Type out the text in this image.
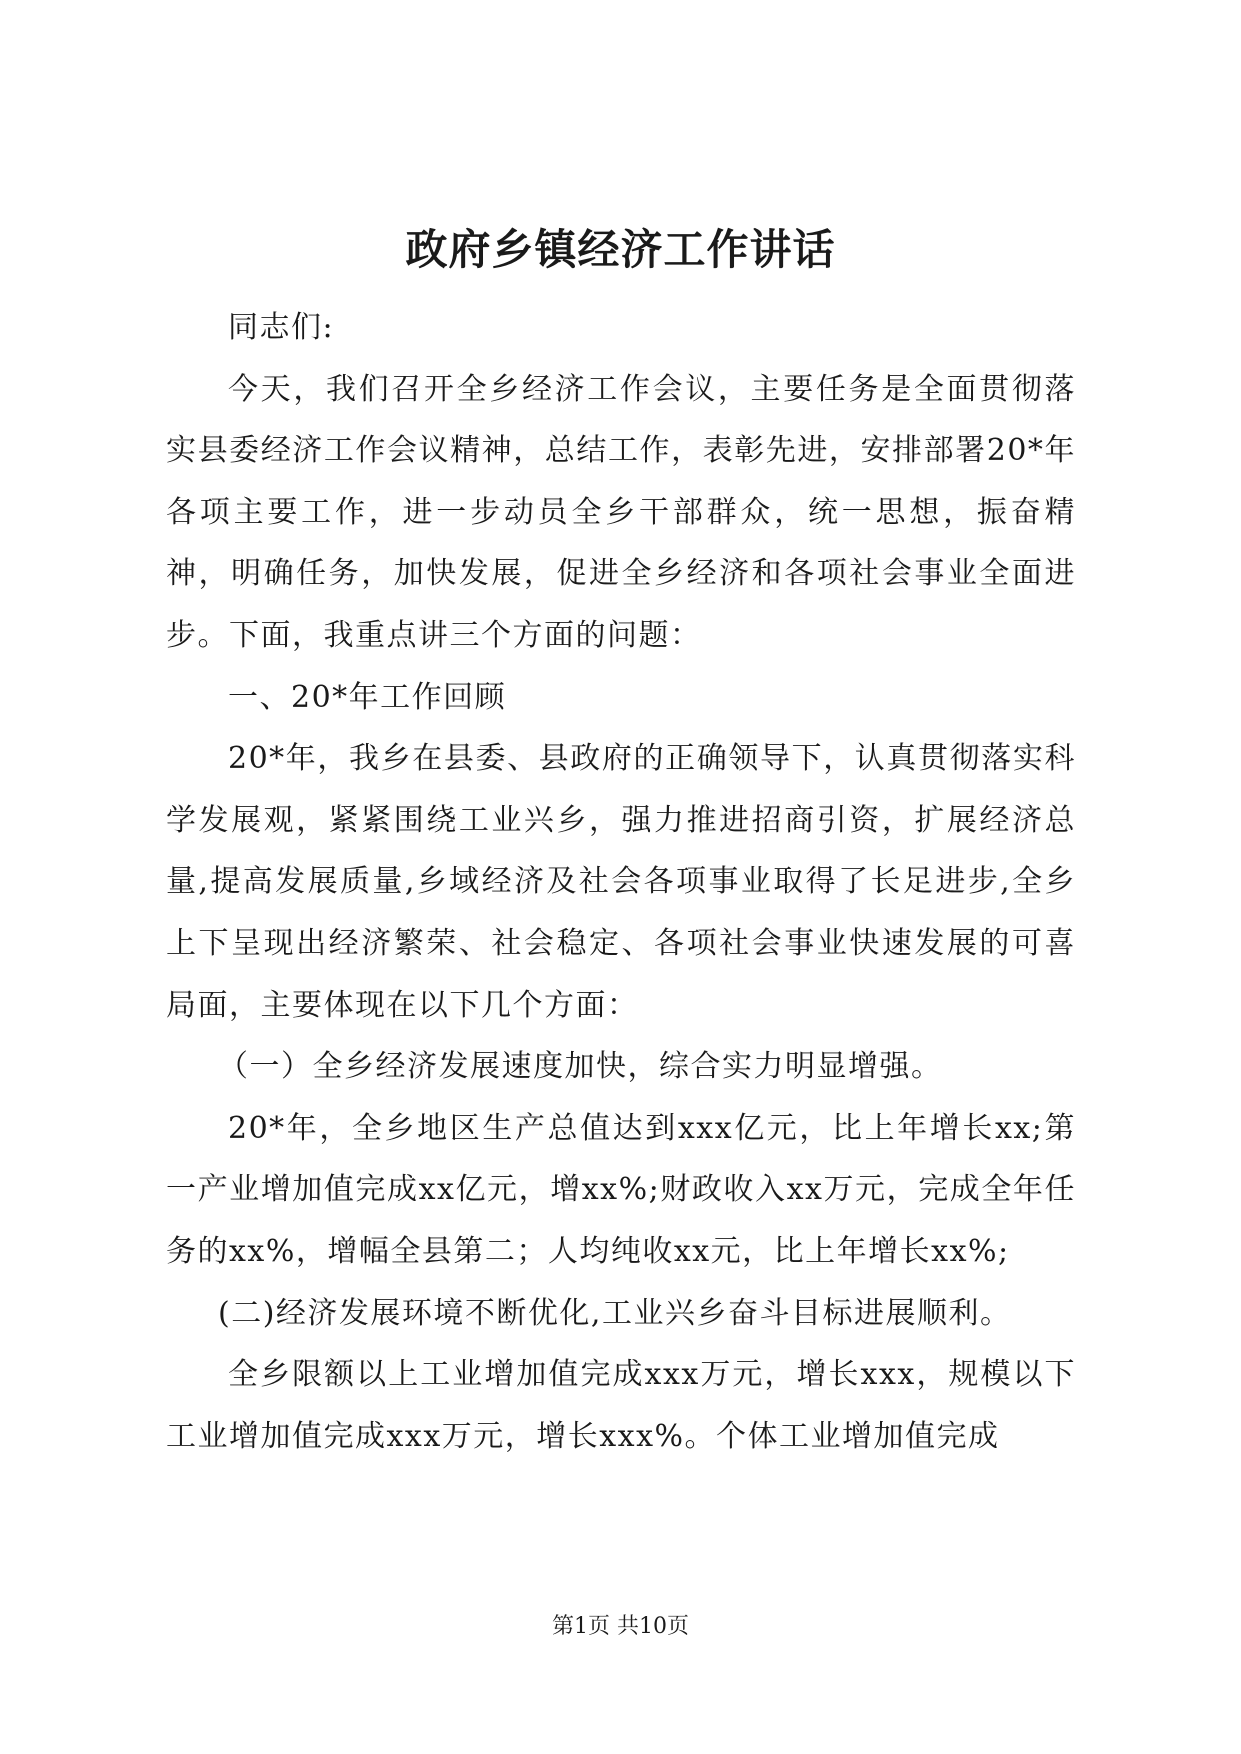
政府乡镇经济工作讲话

同志们:

今天，我们召开全乡经济工作会议，主要任务是全面贯彻落实县委经济工作会议精神，总结工作，表彰先进，安排部署20*年各项主要工作，进一步动员全乡干部群众，统一思想，振奋精神，明确任务，加快发展，促进全乡经济和各项社会事业全面进步。下面，我重点讲三个方面的问题：

一、20*年工作回顾

20*年，我乡在县委、县政府的正确领导下，认真贯彻落实科学发展观，紧紧围绕工业兴乡，强力推进招商引资，扩展经济总量,提高发展质量,乡域经济及社会各项事业取得了长足进步,全乡上下呈现出经济繁荣、社会稳定、各项社会事业快速发展的可喜局面，主要体现在以下几个方面：

（一）全乡经济发展速度加快，综合实力明显增强。

20*年，全乡地区生产总值达到xxx亿元，比上年增长xx;第一产业增加值完成xx亿元，增xx%;财政收入xx万元，完成全年任务的xx%，增幅全县第二；人均纯收xx元，比上年增长xx%;

(二)经济发展环境不断优化,工业兴乡奋斗目标进展顺利。

全乡限额以上工业增加值完成xxx万元，增长xxx，规模以下工业增加值完成xxx万元，增长xxx%。个体工业增加值完成

第1页 共10页
